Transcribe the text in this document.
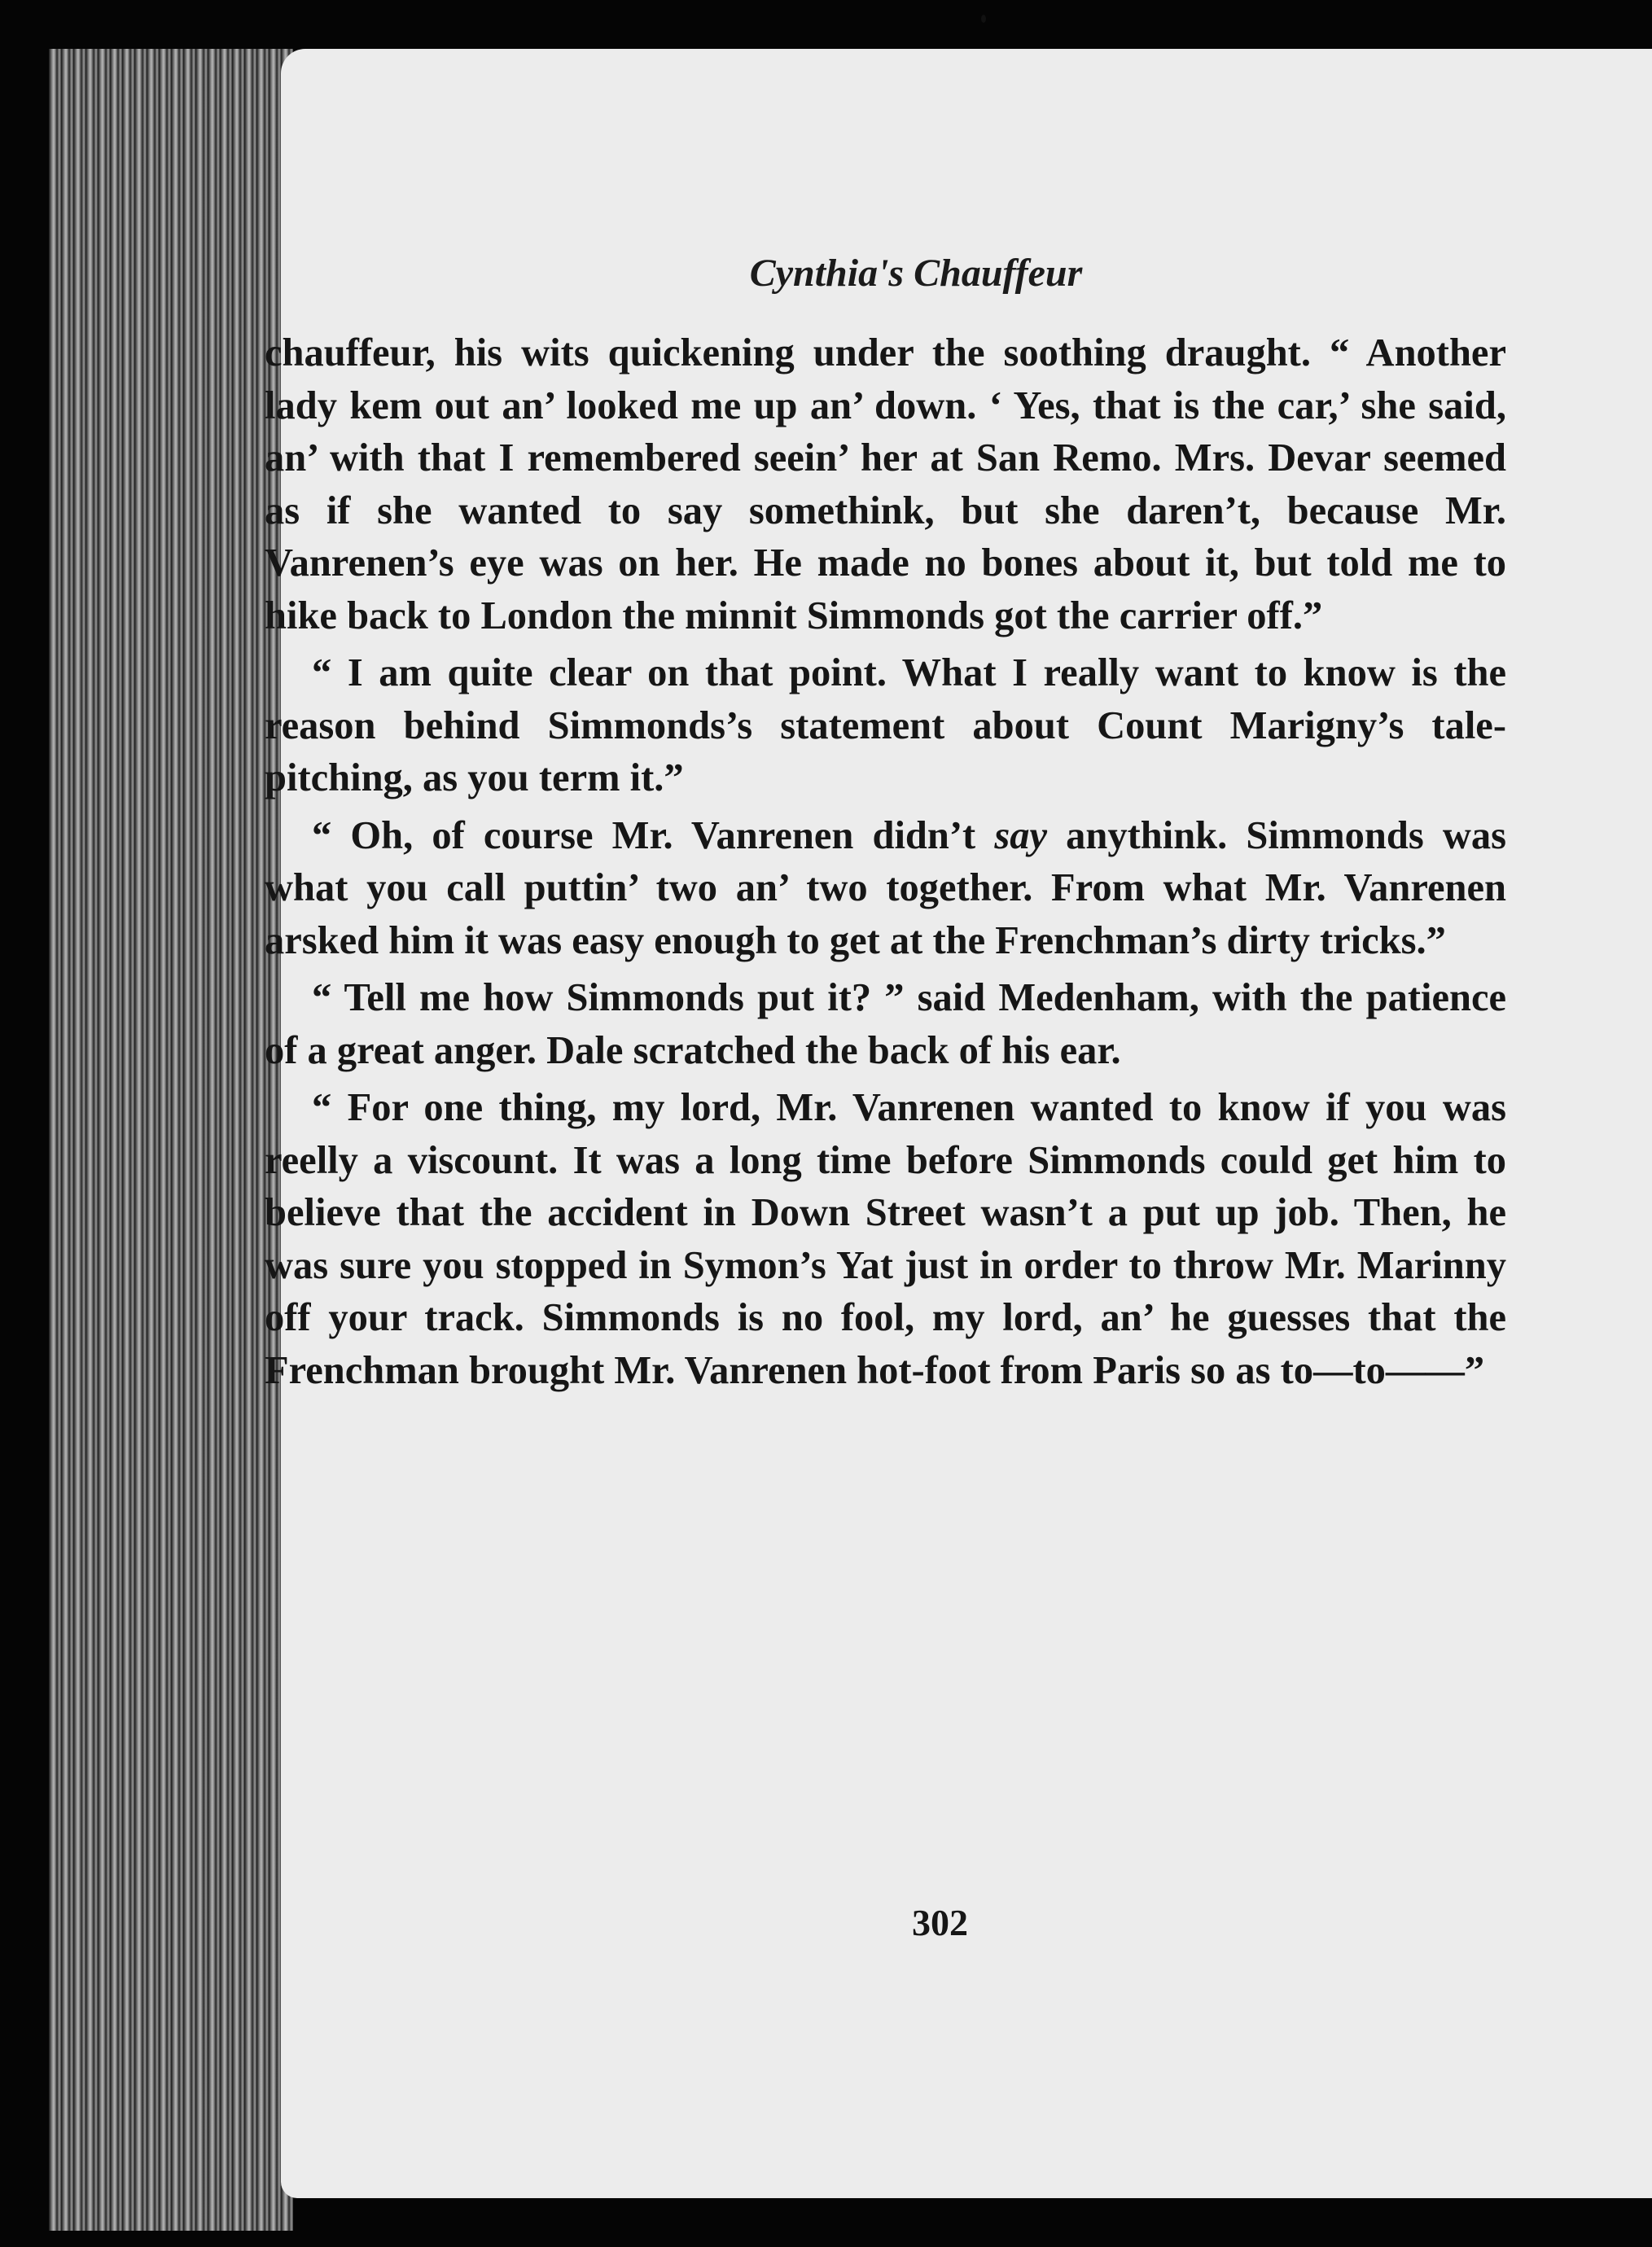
Cynthia's Chauffeur

chauffeur, his wits quickening under the soothing draught. “ Another lady kem out an’ looked me up an’ down. ‘ Yes, that is the car,’ she said, an’ with that I remembered seein’ her at San Remo. Mrs. Devar seemed as if she wanted to say somethink, but she daren’t, because Mr. Vanrenen’s eye was on her. He made no bones about it, but told me to hike back to London the minnit Simmonds got the carrier off.”

“ I am quite clear on that point. What I really want to know is the reason behind Simmonds’s statement about Count Marigny’s tale-pitching, as you term it.”

“ Oh, of course Mr. Vanrenen didn’t say anythink. Simmonds was what you call puttin’ two an’ two together. From what Mr. Vanrenen arsked him it was easy enough to get at the Frenchman’s dirty tricks.”

“ Tell me how Simmonds put it? ” said Medenham, with the patience of a great anger. Dale scratched the back of his ear.

“ For one thing, my lord, Mr. Vanrenen wanted to know if you was reelly a viscount. It was a long time before Simmonds could get him to believe that the accident in Down Street wasn’t a put up job. Then, he was sure you stopped in Symon’s Yat just in order to throw Mr. Marinny off your track. Simmonds is no fool, my lord, an’ he guesses that the Frenchman brought Mr. Vanrenen hot-foot from Paris so as to—to——”

302
